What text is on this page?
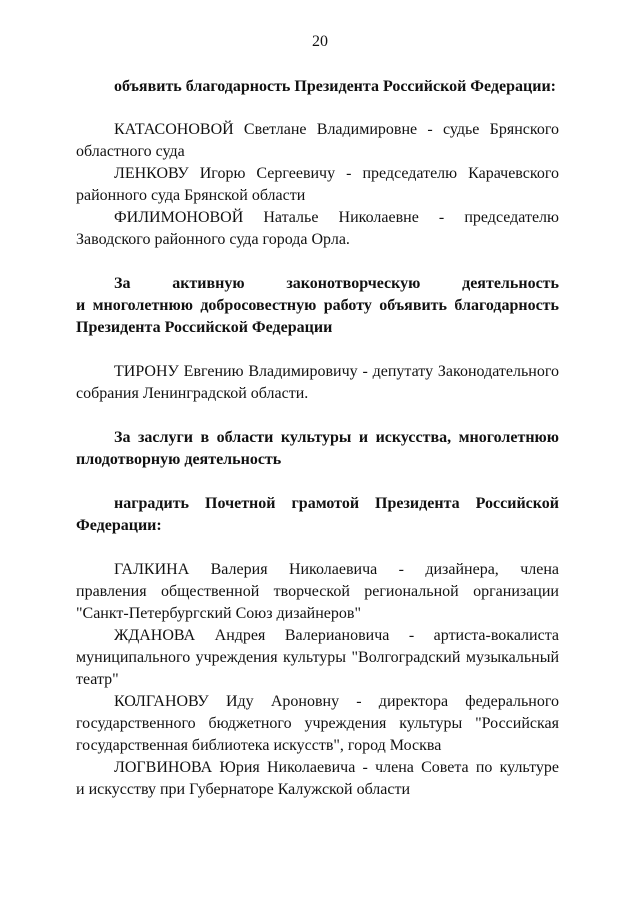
20
объявить благодарность Президента Российской Федерации:
КАТАСОНОВОЙ Светлане Владимировне - судье Брянского
областного суда
ЛЕНКОВУ Игорю Сергеевичу - председателю Карачевского
районного суда Брянской области
ФИЛИМОНОВОЙ Наталье Николаевне - председателю
Заводского районного суда города Орла.
За активную законотворческую деятельность
и многолетнюю добросовестную работу объявить благодарность
Президента Российской Федерации
ТИРОНУ Евгению Владимировичу - депутату Законодательного
собрания Ленинградской области.
За заслуги в области культуры и искусства, многолетнюю
плодотворную деятельность
наградить Почетной грамотой Президента Российской
Федерации:
ГАЛКИНА Валерия Николаевича - дизайнера, члена
правления общественной творческой региональной организации
"Санкт-Петербургский Союз дизайнеров"
ЖДАНОВА Андрея Валериановича - артиста-вокалиста
муниципального учреждения культуры "Волгоградский музыкальный
театр"
КОЛГАНОВУ Иду Ароновну - директора федерального
государственного бюджетного учреждения культуры "Российская
государственная библиотека искусств", город Москва
ЛОГВИНОВА Юрия Николаевича - члена Совета по культуре
и искусству при Губернаторе Калужской области
